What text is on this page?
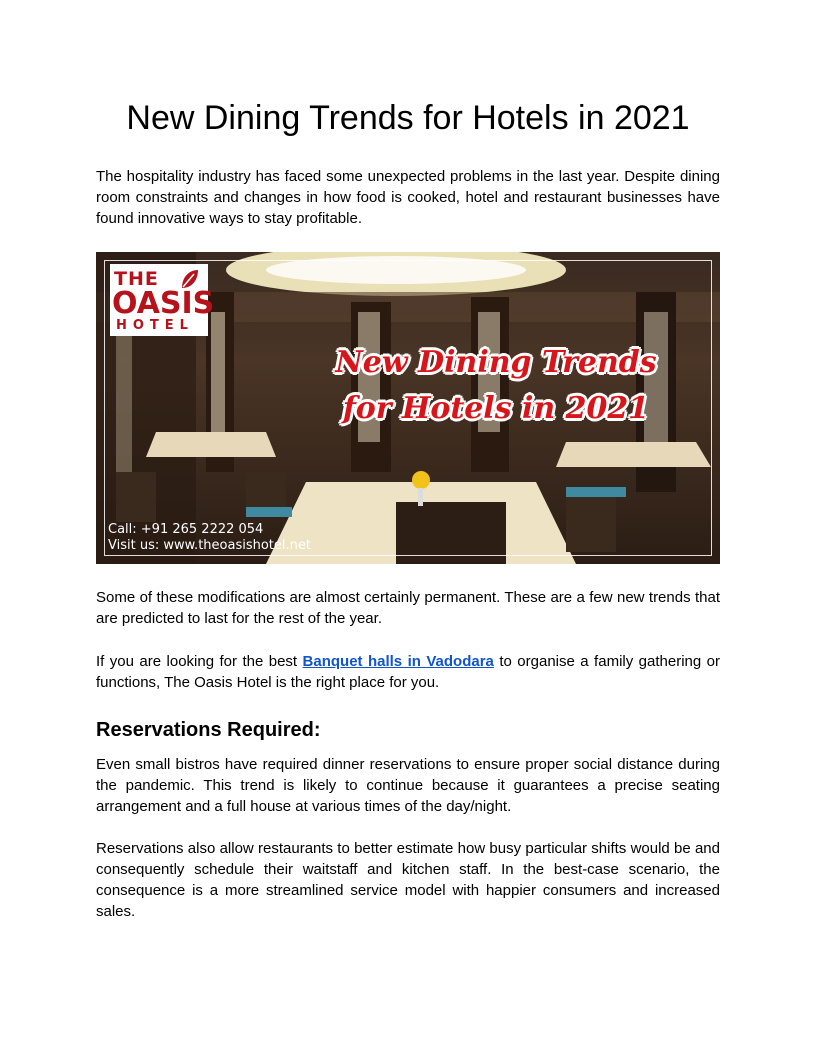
New Dining Trends for Hotels in 2021

The hospitality industry has faced some unexpected problems in the last year. Despite dining room constraints and changes in how food is cooked, hotel and restaurant businesses have found innovative ways to stay profitable.

THE
OASIS
HOTEL
New Dining Trends
for Hotels in 2021
Call: +91 265 2222 054
Visit us: www.theoasishotel.net

Some of these modifications are almost certainly permanent. These are a few new trends that are predicted to last for the rest of the year.

If you are looking for the best Banquet halls in Vadodara to organise a family gathering or functions, The Oasis Hotel is the right place for you.

Reservations Required:

Even small bistros have required dinner reservations to ensure proper social distance during the pandemic. This trend is likely to continue because it guarantees a precise seating arrangement and a full house at various times of the day/night.

Reservations also allow restaurants to better estimate how busy particular shifts would be and consequently schedule their waitstaff and kitchen staff. In the best-case scenario, the consequence is a more streamlined service model with happier consumers and increased sales.
